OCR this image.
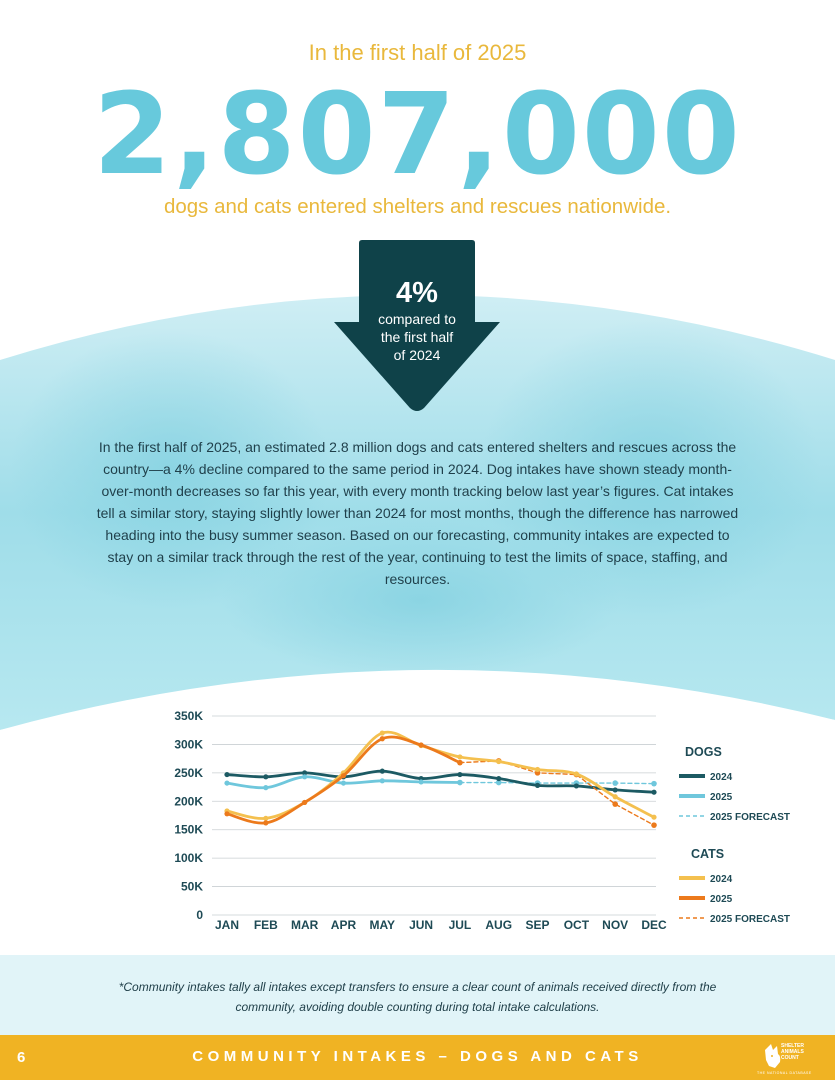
In the first half of 2025
2,807,000
dogs and cats entered shelters and rescues nationwide.
4%
compared to
the first half
of 2024
In the first half of 2025, an estimated 2.8 million dogs and cats entered shelters and rescues across the country—a 4% decline compared to the same period in 2024. Dog intakes have shown steady month-over-month decreases so far this year, with every month tracking below last year’s figures. Cat intakes tell a similar story, staying slightly lower than 2024 for most months, though the difference has narrowed heading into the busy summer season. Based on our forecasting, community intakes are expected to stay on a similar track through the rest of the year, continuing to test the limits of space, staffing, and resources.
0
50K
100K
150K
200K
250K
300K
350K
JAN FEB MAR APR MAY JUN JUL AUG SEP OCT NOV DEC
DOGS
2024
2025
2025 FORECAST
CATS
2024
2025
2025 FORECAST
*Community intakes tally all intakes except transfers to ensure a clear count of animals received directly from the community, avoiding double counting during total intake calculations.
6	COMMUNITY INTAKES – DOGS AND CATS
SHELTER
ANIMALS
COUNT
THE NATIONAL DATABASE
